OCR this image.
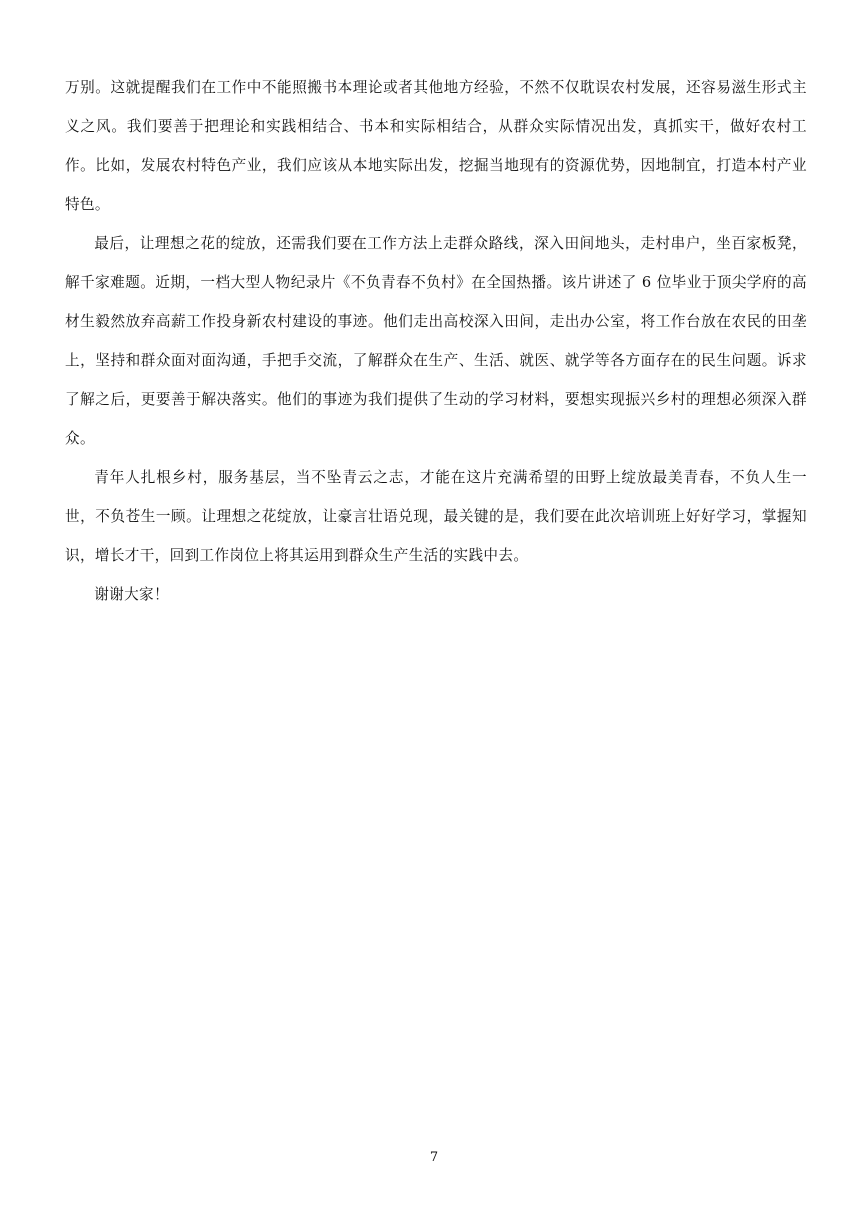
万别。这就提醒我们在工作中不能照搬书本理论或者其他地方经验，不然不仅耽误农村发展，还容易滋生形式主义之风。我们要善于把理论和实践相结合、书本和实际相结合，从群众实际情况出发，真抓实干，做好农村工作。比如，发展农村特色产业，我们应该从本地实际出发，挖掘当地现有的资源优势，因地制宜，打造本村产业特色。

最后，让理想之花的绽放，还需我们要在工作方法上走群众路线，深入田间地头，走村串户，坐百家板凳，解千家难题。近期，一档大型人物纪录片《不负青春不负村》在全国热播。该片讲述了 6 位毕业于顶尖学府的高材生毅然放弃高薪工作投身新农村建设的事迹。他们走出高校深入田间，走出办公室，将工作台放在农民的田垄上，坚持和群众面对面沟通，手把手交流，了解群众在生产、生活、就医、就学等各方面存在的民生问题。诉求了解之后，更要善于解决落实。他们的事迹为我们提供了生动的学习材料，要想实现振兴乡村的理想必须深入群众。

青年人扎根乡村，服务基层，当不坠青云之志，才能在这片充满希望的田野上绽放最美青春，不负人生一世，不负苍生一顾。让理想之花绽放，让豪言壮语兑现，最关键的是，我们要在此次培训班上好好学习，掌握知识，增长才干，回到工作岗位上将其运用到群众生产生活的实践中去。

谢谢大家！

7
